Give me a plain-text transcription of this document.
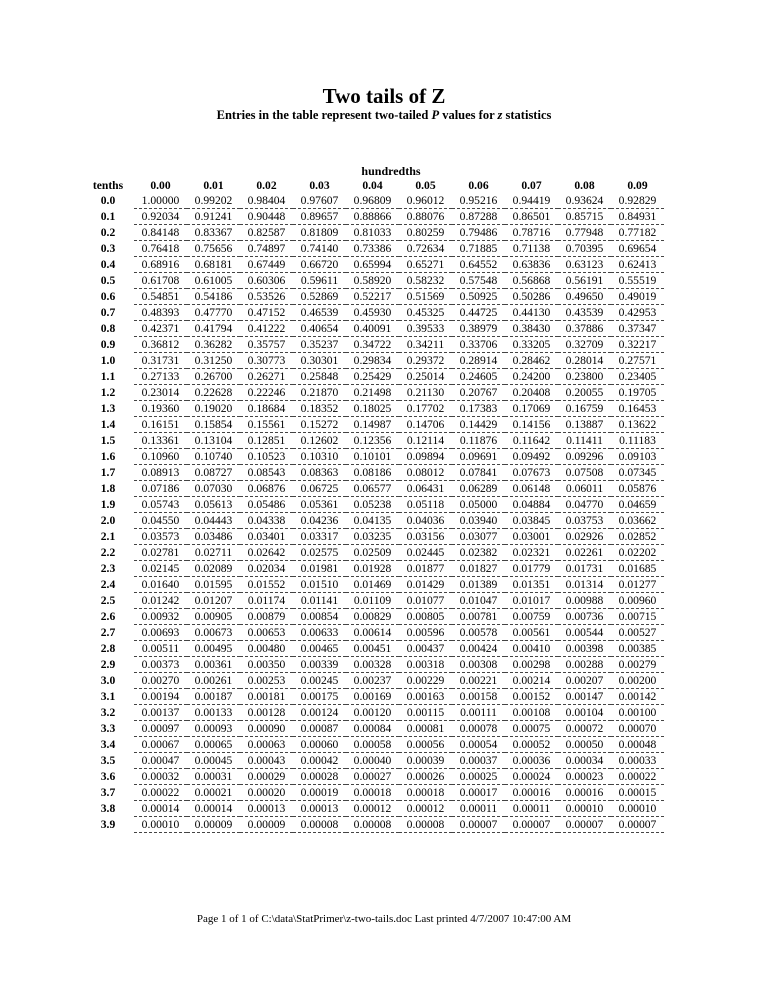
Two tails of Z
Entries in the table represent two-tailed P values for z statistics
hundredths
tenths	0.00	0.01	0.02	0.03	0.04	0.05	0.06	0.07	0.08	0.09
0.0	1.00000	0.99202	0.98404	0.97607	0.96809	0.96012	0.95216	0.94419	0.93624	0.92829
0.1	0.92034	0.91241	0.90448	0.89657	0.88866	0.88076	0.87288	0.86501	0.85715	0.84931
0.2	0.84148	0.83367	0.82587	0.81809	0.81033	0.80259	0.79486	0.78716	0.77948	0.77182
0.3	0.76418	0.75656	0.74897	0.74140	0.73386	0.72634	0.71885	0.71138	0.70395	0.69654
0.4	0.68916	0.68181	0.67449	0.66720	0.65994	0.65271	0.64552	0.63836	0.63123	0.62413
0.5	0.61708	0.61005	0.60306	0.59611	0.58920	0.58232	0.57548	0.56868	0.56191	0.55519
0.6	0.54851	0.54186	0.53526	0.52869	0.52217	0.51569	0.50925	0.50286	0.49650	0.49019
0.7	0.48393	0.47770	0.47152	0.46539	0.45930	0.45325	0.44725	0.44130	0.43539	0.42953
0.8	0.42371	0.41794	0.41222	0.40654	0.40091	0.39533	0.38979	0.38430	0.37886	0.37347
0.9	0.36812	0.36282	0.35757	0.35237	0.34722	0.34211	0.33706	0.33205	0.32709	0.32217
1.0	0.31731	0.31250	0.30773	0.30301	0.29834	0.29372	0.28914	0.28462	0.28014	0.27571
1.1	0.27133	0.26700	0.26271	0.25848	0.25429	0.25014	0.24605	0.24200	0.23800	0.23405
1.2	0.23014	0.22628	0.22246	0.21870	0.21498	0.21130	0.20767	0.20408	0.20055	0.19705
1.3	0.19360	0.19020	0.18684	0.18352	0.18025	0.17702	0.17383	0.17069	0.16759	0.16453
1.4	0.16151	0.15854	0.15561	0.15272	0.14987	0.14706	0.14429	0.14156	0.13887	0.13622
1.5	0.13361	0.13104	0.12851	0.12602	0.12356	0.12114	0.11876	0.11642	0.11411	0.11183
1.6	0.10960	0.10740	0.10523	0.10310	0.10101	0.09894	0.09691	0.09492	0.09296	0.09103
1.7	0.08913	0.08727	0.08543	0.08363	0.08186	0.08012	0.07841	0.07673	0.07508	0.07345
1.8	0.07186	0.07030	0.06876	0.06725	0.06577	0.06431	0.06289	0.06148	0.06011	0.05876
1.9	0.05743	0.05613	0.05486	0.05361	0.05238	0.05118	0.05000	0.04884	0.04770	0.04659
2.0	0.04550	0.04443	0.04338	0.04236	0.04135	0.04036	0.03940	0.03845	0.03753	0.03662
2.1	0.03573	0.03486	0.03401	0.03317	0.03235	0.03156	0.03077	0.03001	0.02926	0.02852
2.2	0.02781	0.02711	0.02642	0.02575	0.02509	0.02445	0.02382	0.02321	0.02261	0.02202
2.3	0.02145	0.02089	0.02034	0.01981	0.01928	0.01877	0.01827	0.01779	0.01731	0.01685
2.4	0.01640	0.01595	0.01552	0.01510	0.01469	0.01429	0.01389	0.01351	0.01314	0.01277
2.5	0.01242	0.01207	0.01174	0.01141	0.01109	0.01077	0.01047	0.01017	0.00988	0.00960
2.6	0.00932	0.00905	0.00879	0.00854	0.00829	0.00805	0.00781	0.00759	0.00736	0.00715
2.7	0.00693	0.00673	0.00653	0.00633	0.00614	0.00596	0.00578	0.00561	0.00544	0.00527
2.8	0.00511	0.00495	0.00480	0.00465	0.00451	0.00437	0.00424	0.00410	0.00398	0.00385
2.9	0.00373	0.00361	0.00350	0.00339	0.00328	0.00318	0.00308	0.00298	0.00288	0.00279
3.0	0.00270	0.00261	0.00253	0.00245	0.00237	0.00229	0.00221	0.00214	0.00207	0.00200
3.1	0.00194	0.00187	0.00181	0.00175	0.00169	0.00163	0.00158	0.00152	0.00147	0.00142
3.2	0.00137	0.00133	0.00128	0.00124	0.00120	0.00115	0.00111	0.00108	0.00104	0.00100
3.3	0.00097	0.00093	0.00090	0.00087	0.00084	0.00081	0.00078	0.00075	0.00072	0.00070
3.4	0.00067	0.00065	0.00063	0.00060	0.00058	0.00056	0.00054	0.00052	0.00050	0.00048
3.5	0.00047	0.00045	0.00043	0.00042	0.00040	0.00039	0.00037	0.00036	0.00034	0.00033
3.6	0.00032	0.00031	0.00029	0.00028	0.00027	0.00026	0.00025	0.00024	0.00023	0.00022
3.7	0.00022	0.00021	0.00020	0.00019	0.00018	0.00018	0.00017	0.00016	0.00016	0.00015
3.8	0.00014	0.00014	0.00013	0.00013	0.00012	0.00012	0.00011	0.00011	0.00010	0.00010
3.9	0.00010	0.00009	0.00009	0.00008	0.00008	0.00008	0.00007	0.00007	0.00007	0.00007
Page 1 of 1 of C:\data\StatPrimer\z-two-tails.doc Last printed 4/7/2007 10:47:00 AM
